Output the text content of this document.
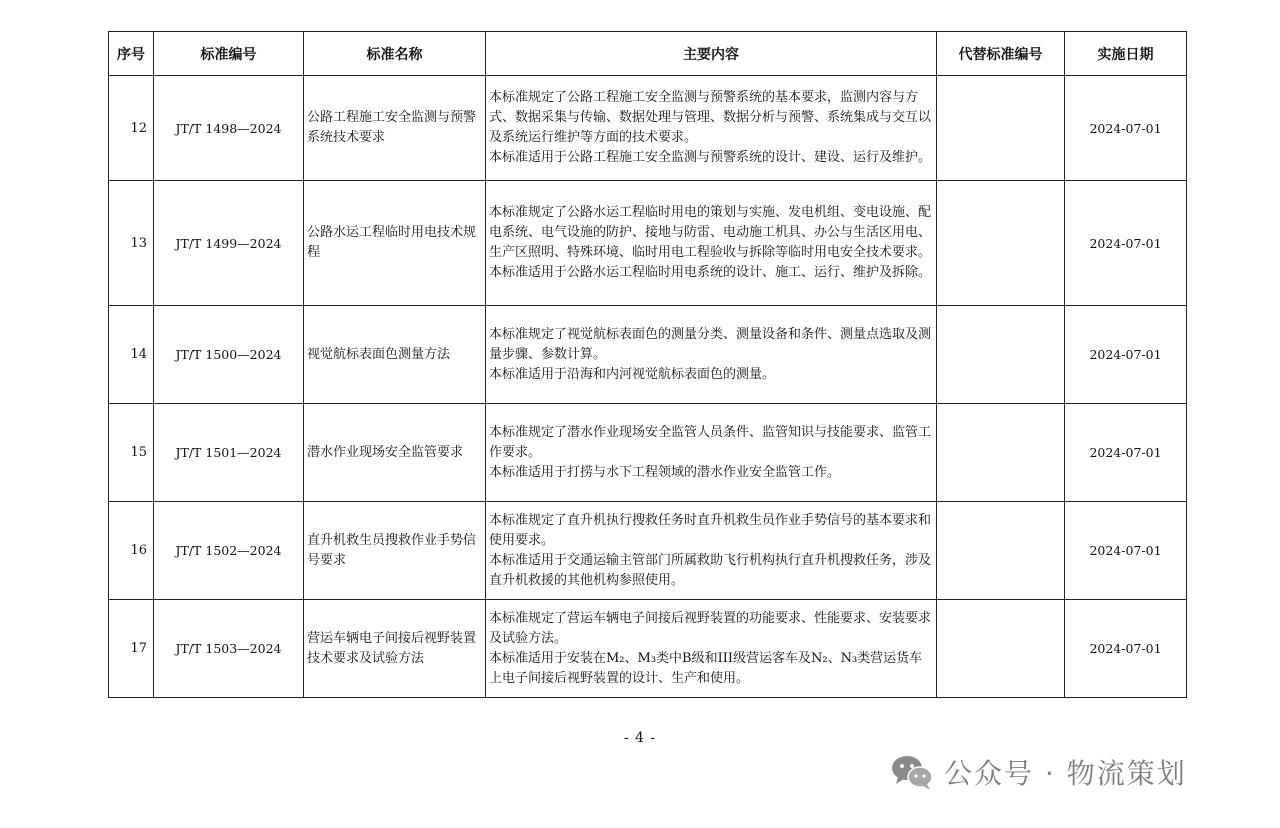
序号	标准编号	标准名称	主要内容	代替标准编号	实施日期
12	JT/T 1498—2024	公路工程施工安全监测与预警系统技术要求	本标准规定了公路工程施工安全监测与预警系统的基本要求，监测内容与方式、数据采集与传输、数据处理与管理、数据分析与预警、系统集成与交互以及系统运行维护等方面的技术要求。
本标准适用于公路工程施工安全监测与预警系统的设计、建设、运行及维护。		2024-07-01
13	JT/T 1499—2024	公路水运工程临时用电技术规程	本标准规定了公路水运工程临时用电的策划与实施、发电机组、变电设施、配电系统、电气设施的防护、接地与防雷、电动施工机具、办公与生活区用电、生产区照明、特殊环境、临时用电工程验收与拆除等临时用电安全技术要求。
本标准适用于公路水运工程临时用电系统的设计、施工、运行、维护及拆除。		2024-07-01
14	JT/T 1500—2024	视觉航标表面色测量方法	本标准规定了视觉航标表面色的测量分类、测量设备和条件、测量点选取及测量步骤、参数计算。
本标准适用于沿海和内河视觉航标表面色的测量。		2024-07-01
15	JT/T 1501—2024	潜水作业现场安全监管要求	本标准规定了潜水作业现场安全监管人员条件、监管知识与技能要求、监管工作要求。
本标准适用于打捞与水下工程领域的潜水作业安全监管工作。		2024-07-01
16	JT/T 1502—2024	直升机救生员搜救作业手势信号要求	本标准规定了直升机执行搜救任务时直升机救生员作业手势信号的基本要求和使用要求。
本标准适用于交通运输主管部门所属救助飞行机构执行直升机搜救任务，涉及直升机救援的其他机构参照使用。		2024-07-01
17	JT/T 1503—2024	营运车辆电子间接后视野装置技术要求及试验方法	本标准规定了营运车辆电子间接后视野装置的功能要求、性能要求、安装要求及试验方法。
本标准适用于安装在M₂、M₃类中B级和III级营运客车及N₂、N₃类营运货车上电子间接后视野装置的设计、生产和使用。		2024-07-01
- 4 -
公众号 · 物流策划
